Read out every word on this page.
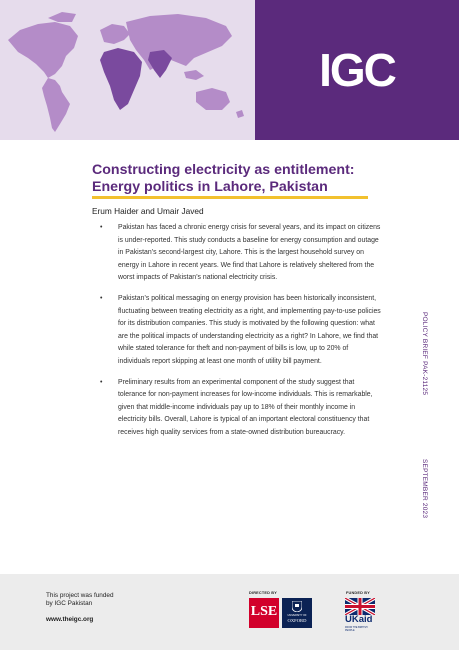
IGC
Constructing electricity as entitlement:
Energy politics in Lahore, Pakistan
Erum Haider and Umair Javed
• Pakistan has faced a chronic energy crisis for several years, and its impact on citizens is under-reported. This study conducts a baseline for energy consumption and outage in Pakistan’s second-largest city, Lahore. This is the largest household survey on energy in Lahore in recent years. We find that Lahore is relatively sheltered from the worst impacts of Pakistan’s national electricity crisis.
• Pakistan’s political messaging on energy provision has been historically inconsistent, fluctuating between treating electricity as a right, and implementing pay-to-use policies for its distribution companies. This study is motivated by the following question: what are the political impacts of understanding electricity as a right? In Lahore, we find that while stated tolerance for theft and non-payment of bills is low, up to 20% of individuals report skipping at least one month of utility bill payment.
• Preliminary results from an experimental component of the study suggest that tolerance for non-payment increases for low-income individuals. This is remarkable, given that middle-income individuals pay up to 18% of their monthly income in electricity bills. Overall, Lahore is typical of an important electoral constituency that receives high quality services from a state-owned distribution bureaucracy.
POLICY BRIEF PAK-21125
SEPTEMBER 2023
This project was funded
by IGC Pakistan
www.theigc.org
DIRECTED BY	FUNDED BY
LSE	UNIVERSITY OF
OXFORD	UKaid
FROM THE BRITISH PEOPLE
